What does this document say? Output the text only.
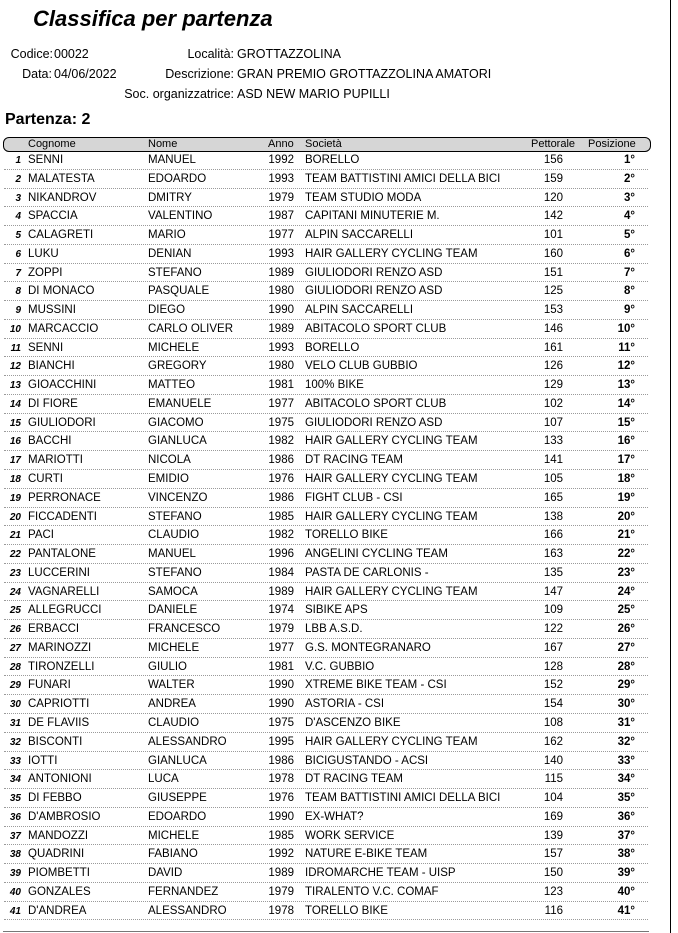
Classifica per partenza
Codice: 00022
Data: 04/06/2022
Località: GROTTAZZOLINA
Descrizione: GRAN PREMIO GROTTAZZOLINA AMATORI
Soc. organizzatrice: ASD NEW MARIO PUPILLI
Partenza: 2
Cognome	Nome	Anno Società	Pettorale Posizione
1 SENNI	MANUEL	1992 BORELLO	156	1°
2 MALATESTA	EDOARDO	1993 TEAM BATTISTINI AMICI DELLA BICI	159	2°
3 NIKANDROV	DMITRY	1979 TEAM STUDIO MODA	120	3°
4 SPACCIA	VALENTINO	1987 CAPITANI MINUTERIE M.	142	4°
5 CALAGRETI	MARIO	1977 ALPIN SACCARELLI	101	5°
6 LUKU	DENIAN	1993 HAIR GALLERY CYCLING TEAM	160	6°
7 ZOPPI	STEFANO	1989 GIULIODORI RENZO ASD	151	7°
8 DI MONACO	PASQUALE	1980 GIULIODORI RENZO ASD	125	8°
9 MUSSINI	DIEGO	1990 ALPIN SACCARELLI	153	9°
10 MARCACCIO	CARLO OLIVER	1989 ABITACOLO SPORT CLUB	146	10°
11 SENNI	MICHELE	1993 BORELLO	161	11°
12 BIANCHI	GREGORY	1980 VELO CLUB GUBBIO	126	12°
13 GIOACCHINI	MATTEO	1981 100% BIKE	129	13°
14 DI FIORE	EMANUELE	1977 ABITACOLO SPORT CLUB	102	14°
15 GIULIODORI	GIACOMO	1975 GIULIODORI RENZO ASD	107	15°
16 BACCHI	GIANLUCA	1982 HAIR GALLERY CYCLING TEAM	133	16°
17 MARIOTTI	NICOLA	1986 DT RACING TEAM	141	17°
18 CURTI	EMIDIO	1976 HAIR GALLERY CYCLING TEAM	105	18°
19 PERRONACE	VINCENZO	1986 FIGHT CLUB - CSI	165	19°
20 FICCADENTI	STEFANO	1985 HAIR GALLERY CYCLING TEAM	138	20°
21 PACI	CLAUDIO	1982 TORELLO BIKE	166	21°
22 PANTALONE	MANUEL	1996 ANGELINI CYCLING TEAM	163	22°
23 LUCCERINI	STEFANO	1984 PASTA DE CARLONIS -	135	23°
24 VAGNARELLI	SAMOCA	1989 HAIR GALLERY CYCLING TEAM	147	24°
25 ALLEGRUCCI	DANIELE	1974 SIBIKE APS	109	25°
26 ERBACCI	FRANCESCO	1979 LBB A.S.D.	122	26°
27 MARINOZZI	MICHELE	1977 G.S. MONTEGRANARO	167	27°
28 TIRONZELLI	GIULIO	1981 V.C. GUBBIO	128	28°
29 FUNARI	WALTER	1990 XTREME BIKE TEAM - CSI	152	29°
30 CAPRIOTTI	ANDREA	1990 ASTORIA - CSI	154	30°
31 DE FLAVIIS	CLAUDIO	1975 D'ASCENZO BIKE	108	31°
32 BISCONTI	ALESSANDRO	1995 HAIR GALLERY CYCLING TEAM	162	32°
33 IOTTI	GIANLUCA	1986 BICIGUSTANDO - ACSI	140	33°
34 ANTONIONI	LUCA	1978 DT RACING TEAM	115	34°
35 DI FEBBO	GIUSEPPE	1976 TEAM BATTISTINI AMICI DELLA BICI	104	35°
36 D'AMBROSIO	EDOARDO	1990 EX-WHAT?	169	36°
37 MANDOZZI	MICHELE	1985 WORK SERVICE	139	37°
38 QUADRINI	FABIANO	1992 NATURE E-BIKE TEAM	157	38°
39 PIOMBETTI	DAVID	1989 IDROMARCHE TEAM - UISP	150	39°
40 GONZALES	FERNANDEZ	1979 TIRALENTO V.C. COMAF	123	40°
41 D'ANDREA	ALESSANDRO	1978 TORELLO BIKE	116	41°
